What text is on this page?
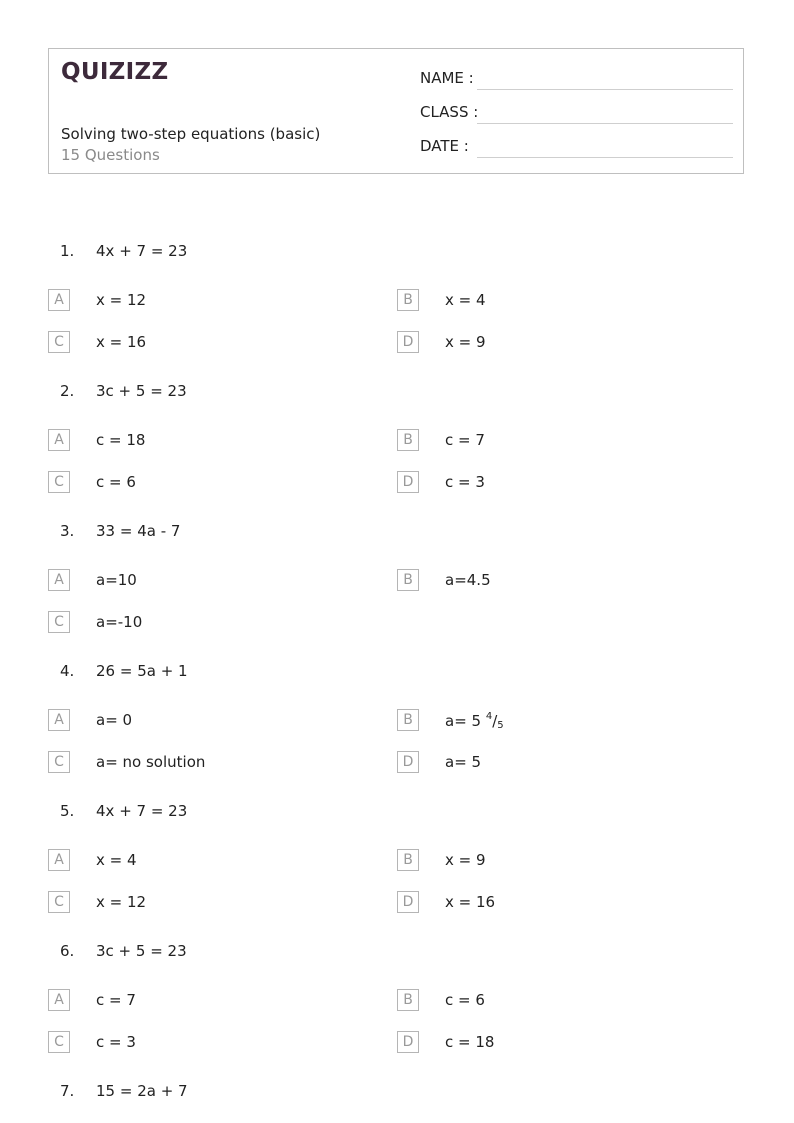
QUIZIZZ
Solving two-step equations (basic)
15 Questions
NAME :
CLASS :
DATE :
1. 4x + 7 = 23
A	x = 12	B	x = 4
C	x = 16	D	x = 9
2. 3c + 5 = 23
A	c = 18	B	c = 7
C	c = 6	D	c = 3
3. 33 = 4a - 7
A	a=10	B	a=4.5
C	a=-10
4. 26 = 5a + 1
A	a= 0	B	a= 5 $^4/_5$
C	a= no solution	D	a= 5
5. 4x + 7 = 23
A	x = 4	B	x = 9
C	x = 12	D	x = 16
6. 3c + 5 = 23
A	c = 7	B	c = 6
C	c = 3	D	c = 18
7. 15 = 2a + 7
